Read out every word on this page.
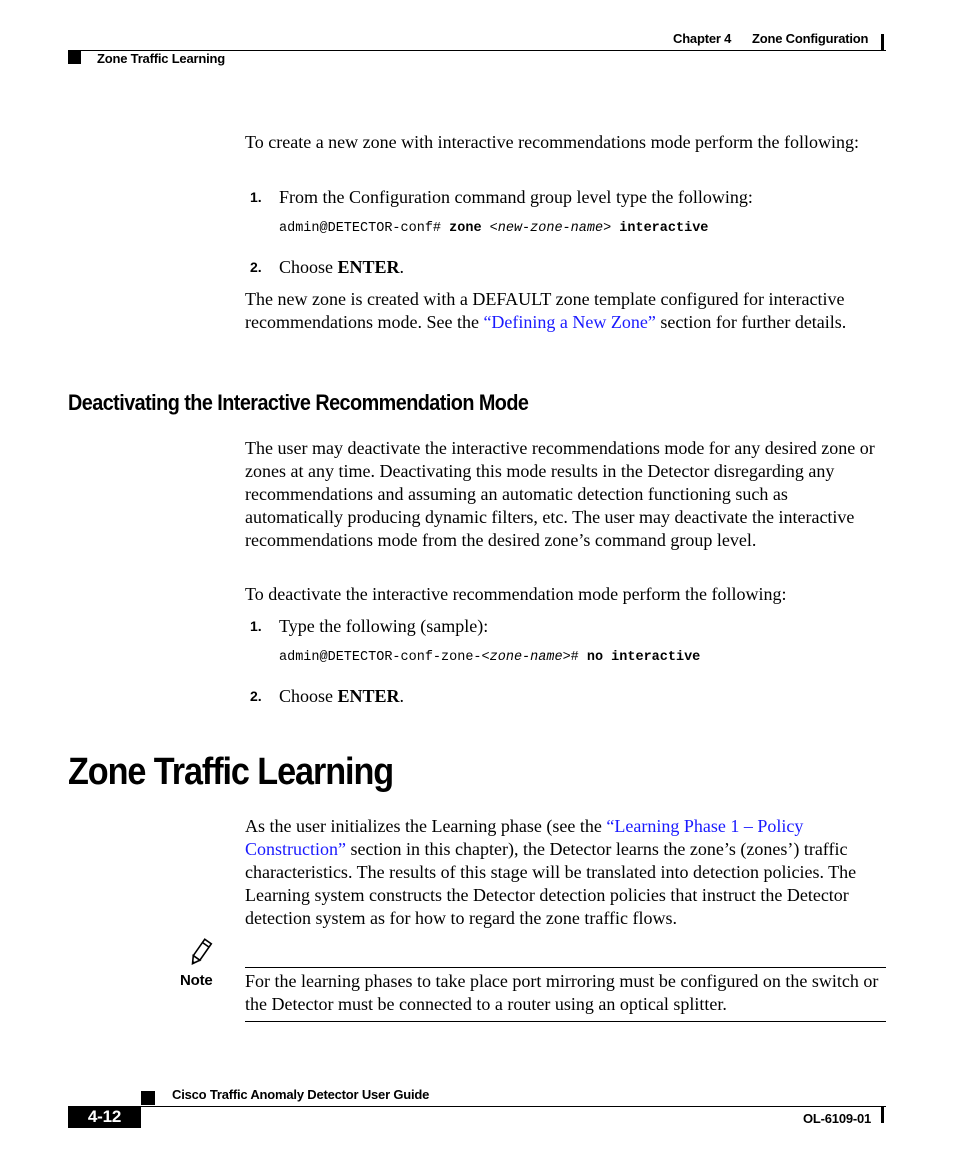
Chapter 4 Zone Configuration
Zone Traffic Learning

To create a new zone with interactive recommendations mode perform the following:

1. From the Configuration command group level type the following:

admin@DETECTOR-conf# zone <new-zone-name> interactive
2. Choose ENTER.

The new zone is created with a DEFAULT zone template configured for interactive recommendations mode. See the “Defining a New Zone” section for further details.

Deactivating the Interactive Recommendation Mode

The user may deactivate the interactive recommendations mode for any desired zone or zones at any time. Deactivating this mode results in the Detector disregarding any recommendations and assuming an automatic detection functioning such as automatically producing dynamic filters, etc. The user may deactivate the interactive recommendations mode from the desired zone’s command group level.

To deactivate the interactive recommendation mode perform the following:

1. Type the following (sample):

admin@DETECTOR-conf-zone-<zone-name># no interactive
2. Choose ENTER.

Zone Traffic Learning

As the user initializes the Learning phase (see the “Learning Phase 1 – Policy Construction” section in this chapter), the Detector learns the zone’s (zones’) traffic characteristics. The results of this stage will be translated into detection policies. The Learning system constructs the Detector detection policies that instruct the Detector detection system as for how to regard the zone traffic flows.

Note For the learning phases to take place port mirroring must be configured on the switch or the Detector must be connected to a router using an optical splitter.

Cisco Traffic Anomaly Detector User Guide
4-12	OL-6109-01
